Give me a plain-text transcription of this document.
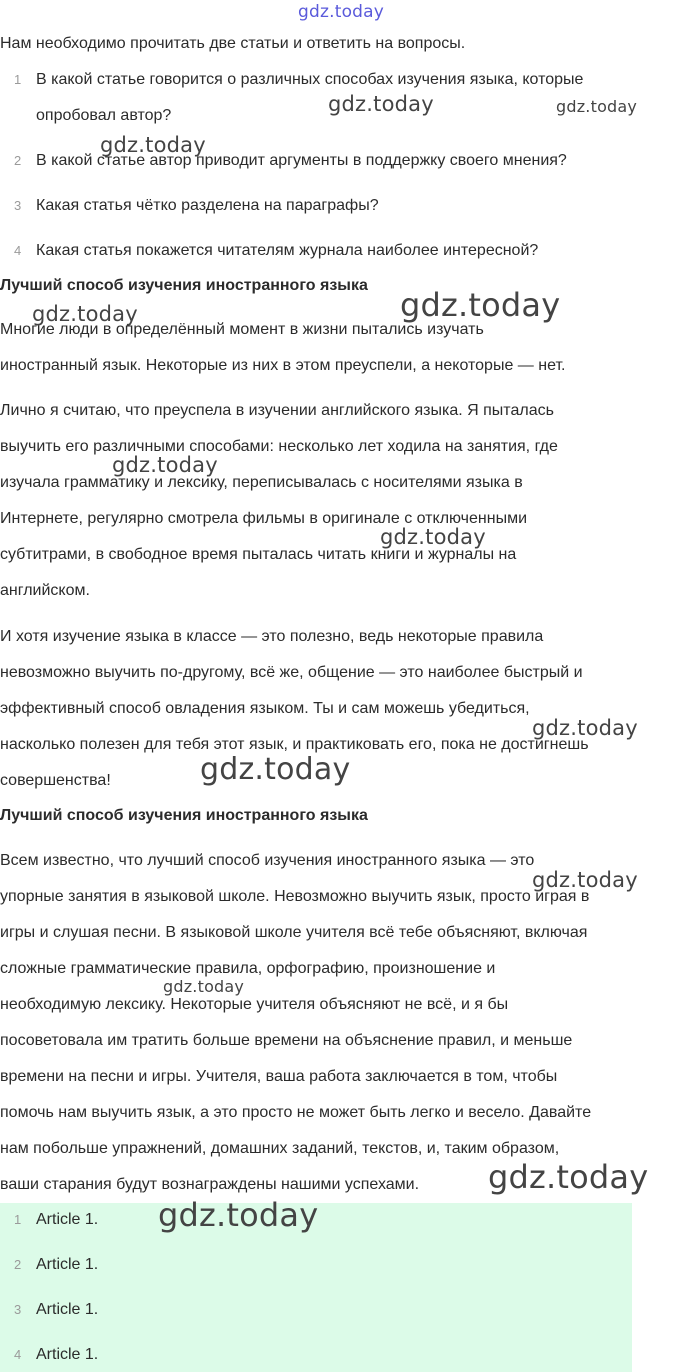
gdz.today
gdz.today	gdz.today
gdz.today
gdz.today
gdz.today
gdz.today
gdz.today
gdz.today
gdz.today
gdz.today
gdz.today
gdz.today
Нам необходимо прочитать две статьи и ответить на вопросы.
1 В какой статье говорится о различных способах изучения языка, которые
опробовал автор?
2 В какой статье автор приводит аргументы в поддержку своего мнения?
3 Какая статья чётко разделена на параграфы?
4 Какая статья покажется читателям журнала наиболее интересной?
Лучший способ изучения иностранного языка
Многие люди в определённый момент в жизни пытались изучать
иностранный язык. Некоторые из них в этом преуспели, а некоторые — нет.
Лично я считаю, что преуспела в изучении английского языка. Я пыталась
выучить его различными способами: несколько лет ходила на занятия, где
изучала грамматику и лексику, переписывалась с носителями языка в
Интернете, регулярно смотрела фильмы в оригинале с отключенными
субтитрами, в свободное время пыталась читать книги и журналы на
английском.
И хотя изучение языка в классе — это полезно, ведь некоторые правила
невозможно выучить по-другому, всё же, общение — это наиболее быстрый и
эффективный способ овладения языком. Ты и сам можешь убедиться,
насколько полезен для тебя этот язык, и практиковать его, пока не достигнешь
совершенства!
Лучший способ изучения иностранного языка
Всем известно, что лучший способ изучения иностранного языка — это
упорные занятия в языковой школе. Невозможно выучить язык, просто играя в
игры и слушая песни. В языковой школе учителя всё тебе объясняют, включая
сложные грамматические правила, орфографию, произношение и
необходимую лексику. Некоторые учителя объясняют не всё, и я бы
посоветовала им тратить больше времени на объяснение правил, и меньше
времени на песни и игры. Учителя, ваша работа заключается в том, чтобы
помочь нам выучить язык, а это просто не может быть легко и весело. Давайте
нам побольше упражнений, домашних заданий, текстов, и, таким образом,
ваши старания будут вознаграждены нашими успехами.
1 Article 1.
2 Article 1.
3 Article 1.
4 Article 1.
gdz.today
